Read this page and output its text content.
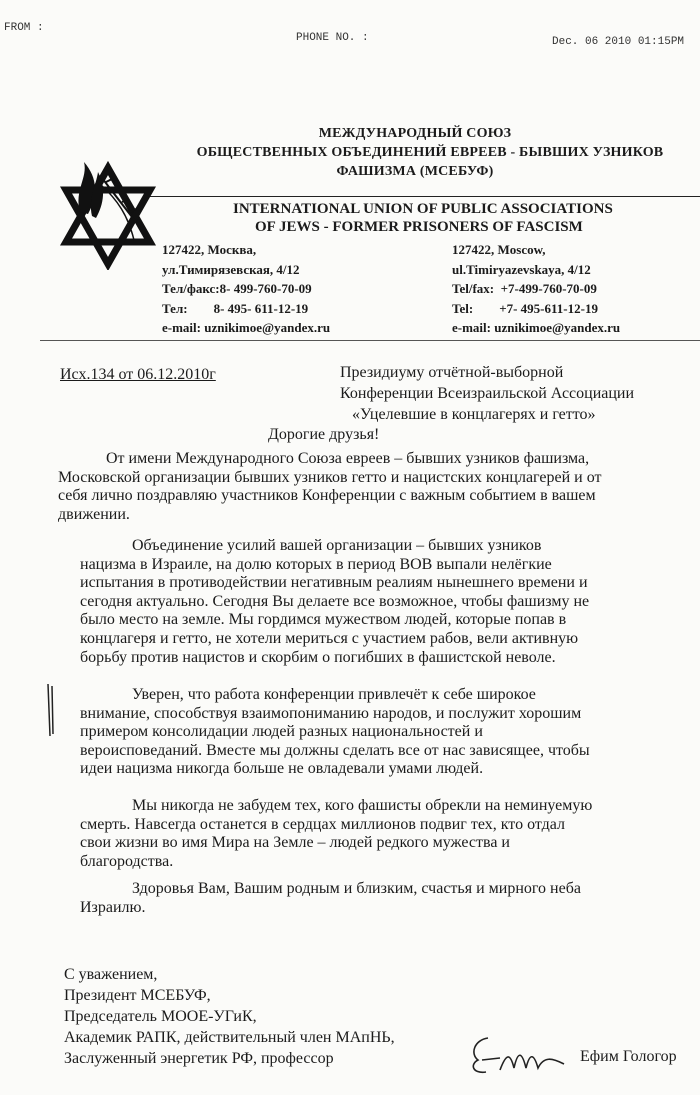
FROM :
PHONE NO. :	Dec. 06 2010 01:15PM
МЕЖДУНАРОДНЫЙ СОЮЗ
ОБЩЕСТВЕННЫХ ОБЪЕДИНЕНИЙ ЕВРЕЕВ - БЫВШИХ УЗНИКОВ
ФАШИЗМА (МСЕБУФ)
INTERNATIONAL UNION OF PUBLIC ASSOCIATIONS
OF JEWS - FORMER PRISONERS OF FASCISM
127422, Москва,
ул.Тимирязевская, 4/12
Тел/факс:8- 499-760-70-09
Тел:        8- 495- 611-12-19
e-mail: uznikimoe@yandex.ru
127422, Moscow,
ul.Timiryazevskaya, 4/12
Tel/fax:  +7-499-760-70-09
Tel:        +7- 495-611-12-19
e-mail: uznikimoe@yandex.ru
Исх.134 от 06.12.2010г	Президиуму отчётной-выборной
Конференции Всеизраильской Ассоциации
«Уцелевшие в концлагерях и гетто»
Дорогие друзья!
От имени Международного Союза евреев – бывших узников фашизма,
Московской организации бывших узников гетто и нацистских концлагерей и от
себя лично поздравляю участников Конференции с важным событием в вашем
движении.
Объединение усилий вашей организации – бывших узников
нацизма в Израиле, на долю которых в период ВОВ выпали нелёгкие
испытания в противодействии негативным реалиям нынешнего времени и
сегодня актуально. Сегодня Вы делаете все возможное, чтобы фашизму не
было место на земле. Мы гордимся мужеством людей, которые попав в
концлагеря и гетто, не хотели мериться с участием рабов, вели активную
борьбу против нацистов и скорбим о погибших в фашистской неволе.
Уверен, что работа конференции привлечёт к себе широкое
внимание, способствуя взаимопониманию народов, и послужит хорошим
примером консолидации людей разных национальностей и
вероисповеданий. Вместе мы должны сделать все от нас зависящее, чтобы
идеи нацизма никогда больше не овладевали умами людей.
Мы никогда не забудем тех, кого фашисты обрекли на неминуемую
смерть. Навсегда останется в сердцах миллионов подвиг тех, кто отдал
свои жизни во имя Мира на Земле – людей редкого мужества и
благородства.
Здоровья Вам, Вашим родным и близким, счастья и мирного неба
Израилю.
С уважением,
Президент МСЕБУФ,
Председатель МООЕ-УГиК,
Академик РАПК, действительный член МАпНЬ,
Заслуженный энергетик РФ, профессор	Ефим Гологор
